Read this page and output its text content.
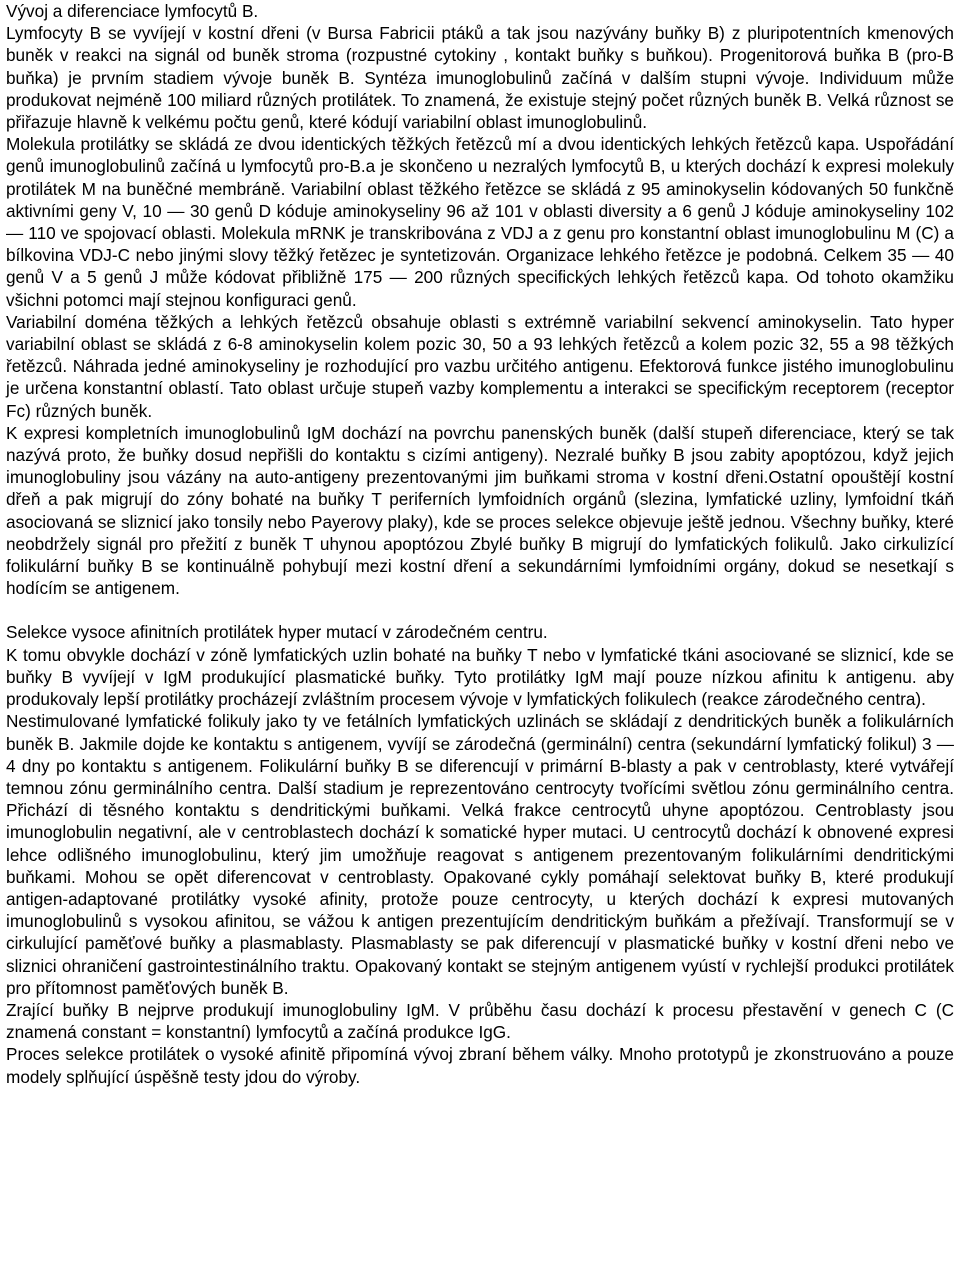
Vývoj a diferenciace lymfocytů B.

Lymfocyty B se vyvíjejí v kostní dřeni (v Bursa Fabricii ptáků a tak jsou nazývány buňky B) z pluripotentních kmenových buněk v reakci na signál od buněk stroma (rozpustné cytokiny , kontakt buňky s buňkou). Progenitorová buňka B (pro-B buňka) je prvním stadiem vývoje buněk B. Syntéza imunoglobulinů začíná v dalším stupni vývoje. Individuum může produkovat nejméně 100 miliard různých protilátek. To znamená, že existuje stejný počet různých buněk B. Velká různost se přiřazuje hlavně k velkému počtu genů, které kódují variabilní oblast imunoglobulinů.

Molekula protilátky se skládá ze dvou identických těžkých řetězců mí a dvou identických lehkých řetězců kapa. Uspořádání genů imunoglobulinů začíná u lymfocytů pro-B.a je skončeno u nezralých lymfocytů B, u kterých dochází k expresi molekuly protilátek M na buněčné membráně. Variabilní oblast těžkého řetězce se skládá z 95 aminokyselin kódovaných 50 funkčně aktivními geny V, 10 — 30 genů D kóduje aminokyseliny 96 až 101 v oblasti diversity a 6 genů J kóduje aminokyseliny 102 — 110 ve spojovací oblasti. Molekula mRNK je transkribována z VDJ a z genu pro konstantní oblast imunoglobulinu M (C) a bílkovina VDJ-C nebo jinými slovy těžký řetězec je syntetizován. Organizace lehkého řetězce je podobná. Celkem 35 — 40 genů V a 5 genů J může kódovat přibližně 175 — 200 různých specifických lehkých řetězců kapa. Od tohoto okamžiku všichni potomci mají stejnou konfiguraci genů.

Variabilní doména těžkých a lehkých řetězců obsahuje oblasti s extrémně variabilní sekvencí aminokyselin. Tato hyper variabilní oblast se skládá z 6-8 aminokyselin kolem pozic 30, 50 a 93 lehkých řetězců a kolem pozic 32, 55 a 98 těžkých řetězců. Náhrada jedné aminokyseliny je rozhodující pro vazbu určitého antigenu. Efektorová funkce jistého imunoglobulinu je určena konstantní oblastí. Tato oblast určuje stupeň vazby komplementu a interakci se specifickým receptorem (receptor Fc) různých buněk.

K expresi kompletních imunoglobulinů IgM dochází na povrchu panenských buněk (další stupeň diferenciace, který se tak nazývá proto, že buňky dosud nepřišli do kontaktu s cizími antigeny). Nezralé buňky B jsou zabity apoptózou, když jejich imunoglobuliny jsou vázány na auto-antigeny prezentovanými jim buňkami stroma v kostní dřeni.Ostatní opouštějí kostní dřeň a pak migrují do zóny bohaté na buňky T periferních lymfoidních orgánů (slezina, lymfatické uzliny, lymfoidní tkáň asociovaná se sliznicí jako tonsily nebo Payerovy plaky), kde se proces selekce objevuje ještě jednou. Všechny buňky, které neobdržely signál pro přežití z buněk T uhynou apoptózou Zbylé buňky B migrují do lymfatických folikulů. Jako cirkulizící folikulární buňky B se kontinuálně pohybují mezi kostní dření a sekundárními lymfoidními orgány, dokud se nesetkají s hodícím se antigenem.

Selekce vysoce afinitních protilátek hyper mutací v zárodečném centru.

K tomu obvykle dochází v zóně lymfatických uzlin bohaté na buňky T nebo v lymfatické tkáni asociované se sliznicí, kde se buňky B vyvíjejí v IgM produkující plasmatické buňky. Tyto protilátky IgM mají pouze nízkou afinitu k antigenu. aby produkovaly lepší protilátky procházejí zvláštním procesem vývoje v lymfatických folikulech (reakce zárodečného centra).

Nestimulované lymfatické folikuly jako ty ve fetálních lymfatických uzlinách se skládají z dendritických buněk a folikulárních buněk B. Jakmile dojde ke kontaktu s antigenem, vyvíjí se zárodečná (germinální) centra (sekundární lymfatický folikul) 3 — 4 dny po kontaktu s antigenem. Folikulární buňky B se diferencují v primární B-blasty a pak v centroblasty, které vytvářejí temnou zónu germinálního centra. Další stadium je reprezentováno centrocyty tvořícími světlou zónu germinálního centra. Přichází di těsného kontaktu s dendritickými buňkami. Velká frakce centrocytů uhyne apoptózou. Centroblasty jsou imunoglobulin negativní, ale v centroblastech dochází k somatické hyper mutaci. U centrocytů dochází k obnovené expresi lehce odlišného imunoglobulinu, který jim umožňuje reagovat s antigenem prezentovaným folikulárními dendritickými buňkami. Mohou se opět diferencovat v centroblasty. Opakované cykly pomáhají selektovat buňky B, které produkují antigen-adaptované protilátky vysoké afinity, protože pouze centrocyty, u kterých dochází k expresi mutovaných imunoglobulinů s vysokou afinitou, se vážou k antigen prezentujícím dendritickým buňkám a přežívají. Transformují se v cirkulující paměťové buňky a plasmablasty. Plasmablasty se pak diferencují v plasmatické buňky v kostní dřeni nebo ve sliznici ohraničení gastrointestinálního traktu. Opakovaný kontakt se stejným antigenem vyústí v rychlejší produkci protilátek pro přítomnost paměťových buněk B.

Zrající buňky B nejprve produkují imunoglobuliny IgM. V průběhu času dochází k procesu přestavění v genech C (C znamená constant = konstantní) lymfocytů a začíná produkce IgG.

Proces selekce protilátek o vysoké afinitě připomíná vývoj zbraní během války. Mnoho prototypů je zkonstruováno a pouze modely splňující úspěšně testy jdou do výroby.
